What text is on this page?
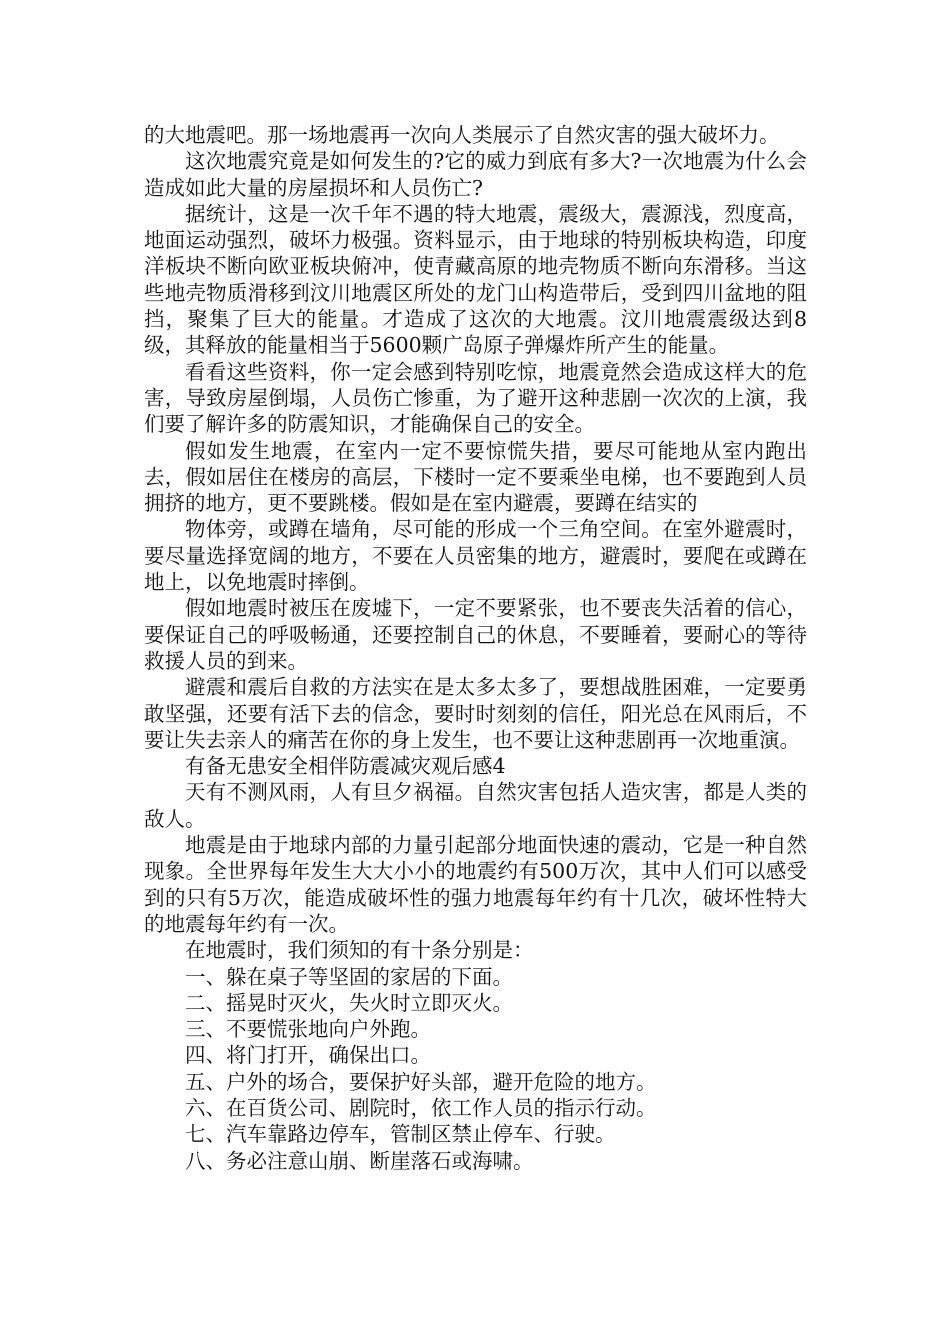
的大地震吧。那一场地震再一次向人类展示了自然灾害的强大破坏力。

这次地震究竟是如何发生的?它的威力到底有多大?一次地震为什么会造成如此大量的房屋损坏和人员伤亡?

据统计，这是一次千年不遇的特大地震，震级大，震源浅，烈度高，地面运动强烈，破坏力极强。资料显示，由于地球的特别板块构造，印度洋板块不断向欧亚板块俯冲，使青藏高原的地壳物质不断向东滑移。当这些地壳物质滑移到汶川地震区所处的龙门山构造带后，受到四川盆地的阻挡，聚集了巨大的能量。才造成了这次的大地震。汶川地震震级达到8级，其释放的能量相当于5600颗广岛原子弹爆炸所产生的能量。

看看这些资料，你一定会感到特别吃惊，地震竟然会造成这样大的危害，导致房屋倒塌，人员伤亡惨重，为了避开这种悲剧一次次的上演，我们要了解许多的防震知识，才能确保自己的安全。

假如发生地震，在室内一定不要惊慌失措，要尽可能地从室内跑出去，假如居住在楼房的高层，下楼时一定不要乘坐电梯，也不要跑到人员拥挤的地方，更不要跳楼。假如是在室内避震，要蹲在结实的

物体旁，或蹲在墙角，尽可能的形成一个三角空间。在室外避震时，要尽量选择宽阔的地方，不要在人员密集的地方，避震时，要爬在或蹲在地上，以免地震时摔倒。

假如地震时被压在废墟下，一定不要紧张，也不要丧失活着的信心，要保证自己的呼吸畅通，还要控制自己的休息，不要睡着，要耐心的等待救援人员的到来。

避震和震后自救的方法实在是太多太多了，要想战胜困难，一定要勇敢坚强，还要有活下去的信念，要时时刻刻的信任，阳光总在风雨后，不要让失去亲人的痛苦在你的身上发生，也不要让这种悲剧再一次地重演。

有备无患安全相伴防震减灾观后感4

天有不测风雨，人有旦夕祸福。自然灾害包括人造灾害，都是人类的敌人。

地震是由于地球内部的力量引起部分地面快速的震动，它是一种自然现象。全世界每年发生大大小小的地震约有500万次，其中人们可以感受到的只有5万次，能造成破坏性的强力地震每年约有十几次，破坏性特大的地震每年约有一次。

在地震时，我们须知的有十条分别是：

一、躲在桌子等坚固的家居的下面。

二、摇晃时灭火，失火时立即灭火。

三、不要慌张地向户外跑。

四、将门打开，确保出口。

五、户外的场合，要保护好头部，避开危险的地方。

六、在百货公司、剧院时，依工作人员的指示行动。

七、汽车靠路边停车，管制区禁止停车、行驶。

八、务必注意山崩、断崖落石或海啸。
